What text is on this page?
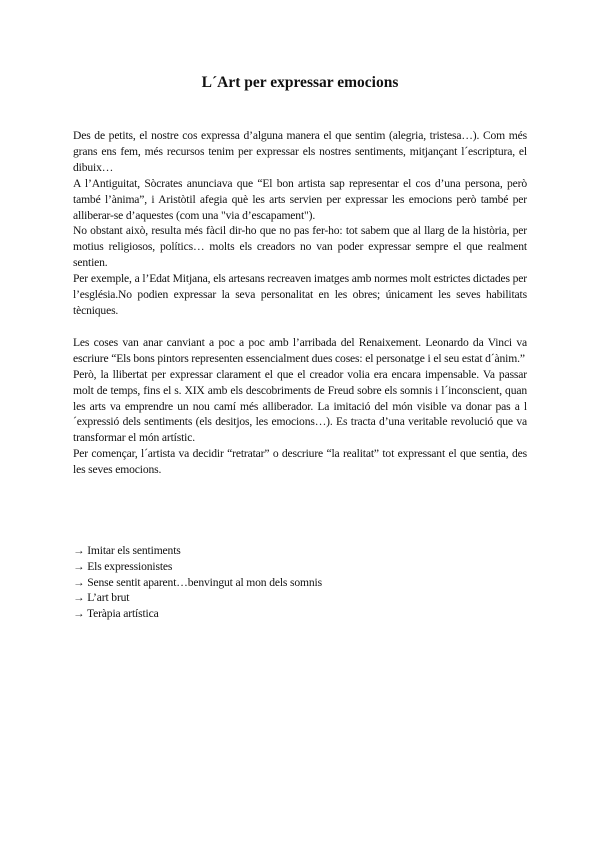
L´Art per expressar emocions

Des de petits, el nostre cos expressa d’alguna manera el que sentim (alegria, tristesa…). Com més grans ens fem, més recursos tenim per expressar els nostres sentiments, mitjançant l´escriptura, el dibuix…

A l’Antiguitat, Sòcrates anunciava que “El bon artista sap representar el cos d’una persona, però també l’ànima”, i Aristòtil afegia què les arts servien per expressar les emocions però també per alliberar-se d’aquestes (com una "via d’escapament").

No obstant això, resulta més fàcil dir-ho que no pas fer-ho: tot sabem que al llarg de la història, per motius religiosos, polítics… molts els creadors no van poder expressar sempre el que realment sentien.

Per exemple, a l’Edat Mitjana, els artesans recreaven imatges amb normes molt estrictes dictades per l’església.No podien expressar la seva personalitat en les obres; únicament les seves habilitats tècniques.

Les coses van anar canviant a poc a poc amb l’arribada del Renaixement. Leonardo da Vinci va escriure “Els bons pintors representen essencialment dues coses: el personatge i el seu estat d´ànim.”

Però, la llibertat per expressar clarament el que el creador volia era encara impensable. Va passar molt de temps, fins el s. XIX amb els descobriments de Freud sobre els somnis i l´inconscient, quan les arts va emprendre un nou camí més alliberador. La imitació del món visible va donar pas a l´expressió dels sentiments (els desitjos, les emocions…). Es tracta d’una veritable revolució que va transformar el món artístic.

Per començar, l´artista va decidir “retratar” o descriure “la realitat” tot expressant el que sentia, des les seves emocions.

→ Imitar els sentiments
→ Els expressionistes
→ Sense sentit aparent…benvingut al mon dels somnis
→ L’art brut
→ Teràpia artística
